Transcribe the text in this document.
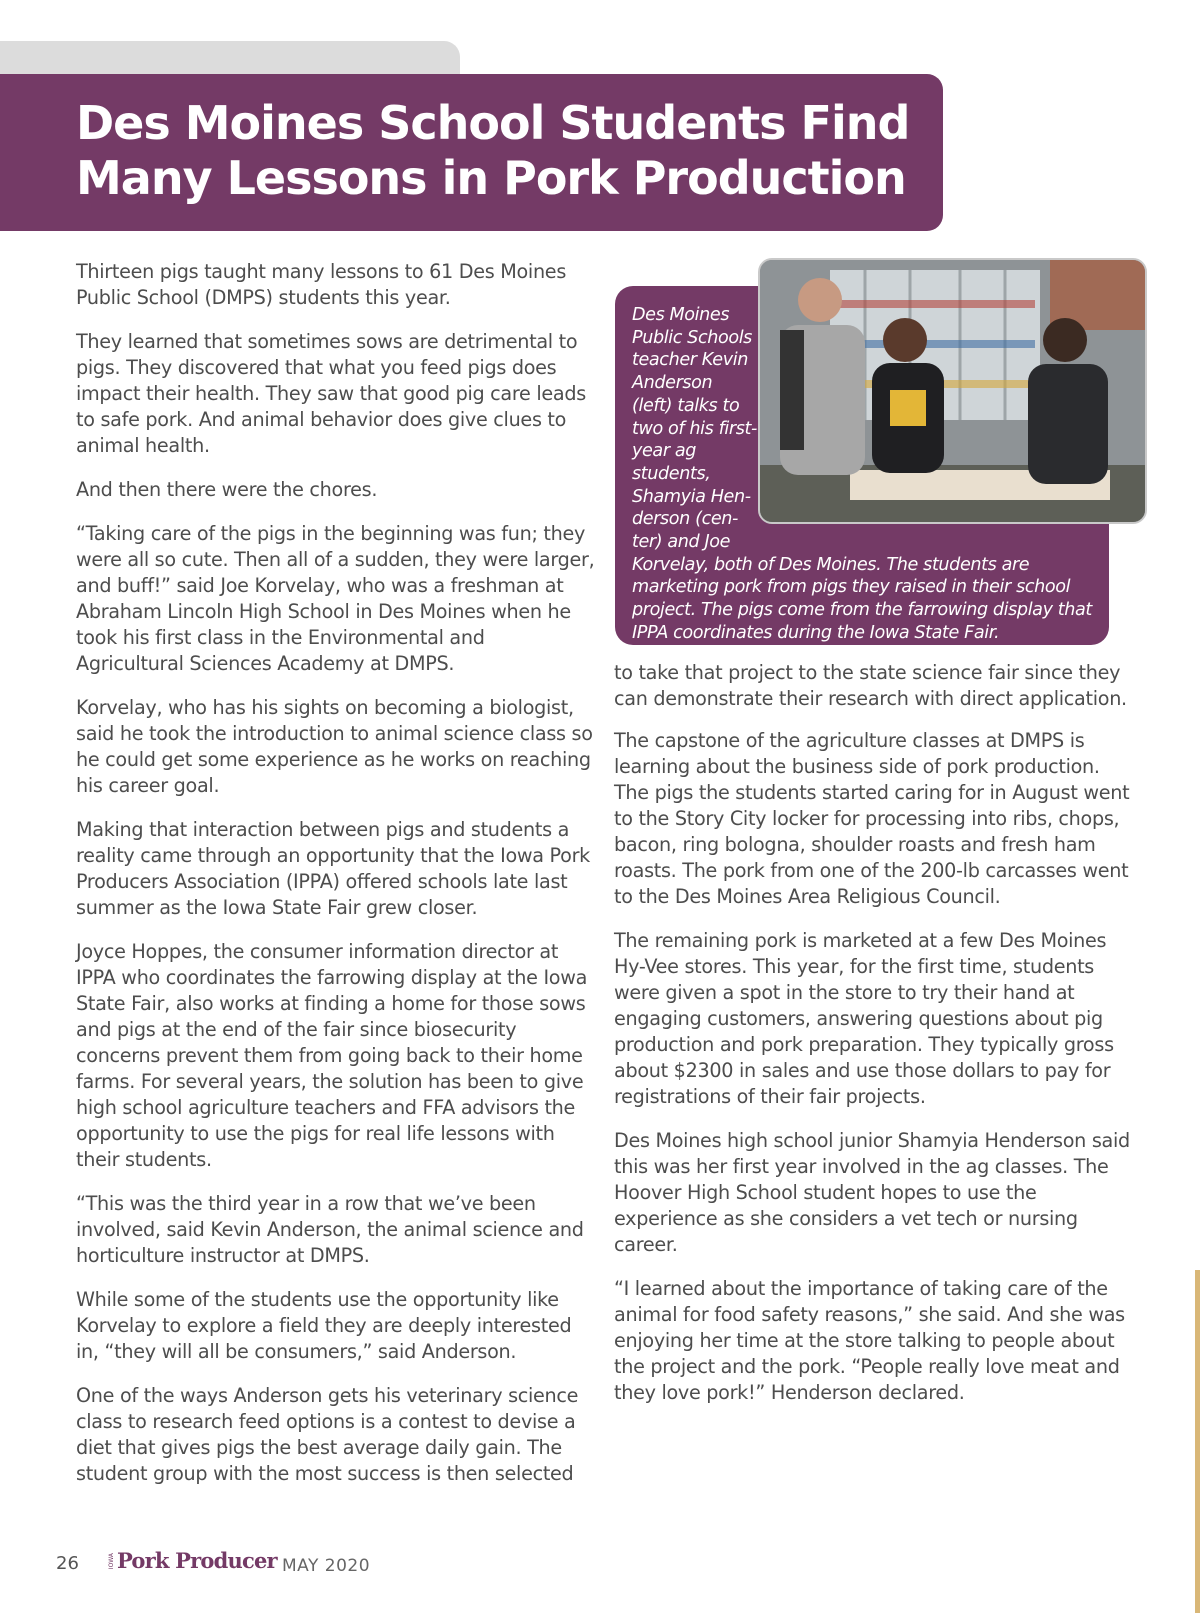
Des Moines School Students Find
Many Lessons in Pork Production

Thirteen pigs taught many lessons to 61 Des Moines Public School (DMPS) students this year.

They learned that sometimes sows are detrimental to pigs. They discovered that what you feed pigs does impact their health. They saw that good pig care leads to safe pork. And animal behavior does give clues to animal health.

And then there were the chores.

“Taking care of the pigs in the beginning was fun; they were all so cute. Then all of a sudden, they were larger, and buff!” said Joe Korvelay, who was a freshman at Abraham Lincoln High School in Des Moines when he took his first class in the Environmental and Agricultural Sciences Academy at DMPS.

Korvelay, who has his sights on becoming a biologist, said he took the introduction to animal science class so he could get some experience as he works on reaching his career goal.

Making that interaction between pigs and students a reality came through an opportunity that the Iowa Pork Producers Association (IPPA) offered schools late last summer as the Iowa State Fair grew closer.

Joyce Hoppes, the consumer information director at IPPA who coordinates the farrowing display at the Iowa State Fair, also works at finding a home for those sows and pigs at the end of the fair since biosecurity concerns prevent them from going back to their home farms. For several years, the solution has been to give high school agriculture teachers and FFA advisors the opportunity to use the pigs for real life lessons with their students.

“This was the third year in a row that we’ve been involved, said Kevin Anderson, the animal science and horticulture instructor at DMPS.

While some of the students use the opportunity like Korvelay to explore a field they are deeply interested in, “they will all be consumers,” said Anderson.

One of the ways Anderson gets his veterinary science class to research feed options is a contest to devise a diet that gives pigs the best average daily gain. The student group with the most success is then selected

Des Moines Public Schools teacher Kevin Anderson (left) talks to two of his first-year ag students, Shamyia Hen-derson (cen-ter) and Joe
Korvelay, both of Des Moines. The students are marketing pork from pigs they raised in their school project. The pigs come from the farrowing display that IPPA coordinates during the Iowa State Fair.

to take that project to the state science fair since they can demonstrate their research with direct application.

The capstone of the agriculture classes at DMPS is learning about the business side of pork production. The pigs the students started caring for in August went to the Story City locker for processing into ribs, chops, bacon, ring bologna, shoulder roasts and fresh ham roasts. The pork from one of the 200-lb carcasses went to the Des Moines Area Religious Council.

The remaining pork is marketed at a few Des Moines Hy-Vee stores. This year, for the first time, students were given a spot in the store to try their hand at engaging customers, answering questions about pig production and pork preparation. They typically gross about $2300 in sales and use those dollars to pay for registrations of their fair projects.

Des Moines high school junior Shamyia Henderson said this was her first year involved in the ag classes. The Hoover High School student hopes to use the experience as she considers a vet tech or nursing career.

“I learned about the importance of taking care of the animal for food safety reasons,” she said. And she was enjoying her time at the store talking to people about the project and the pork. “People really love meat and they love pork!” Henderson declared.

26	IOWA Pork Producer MAY 2020
